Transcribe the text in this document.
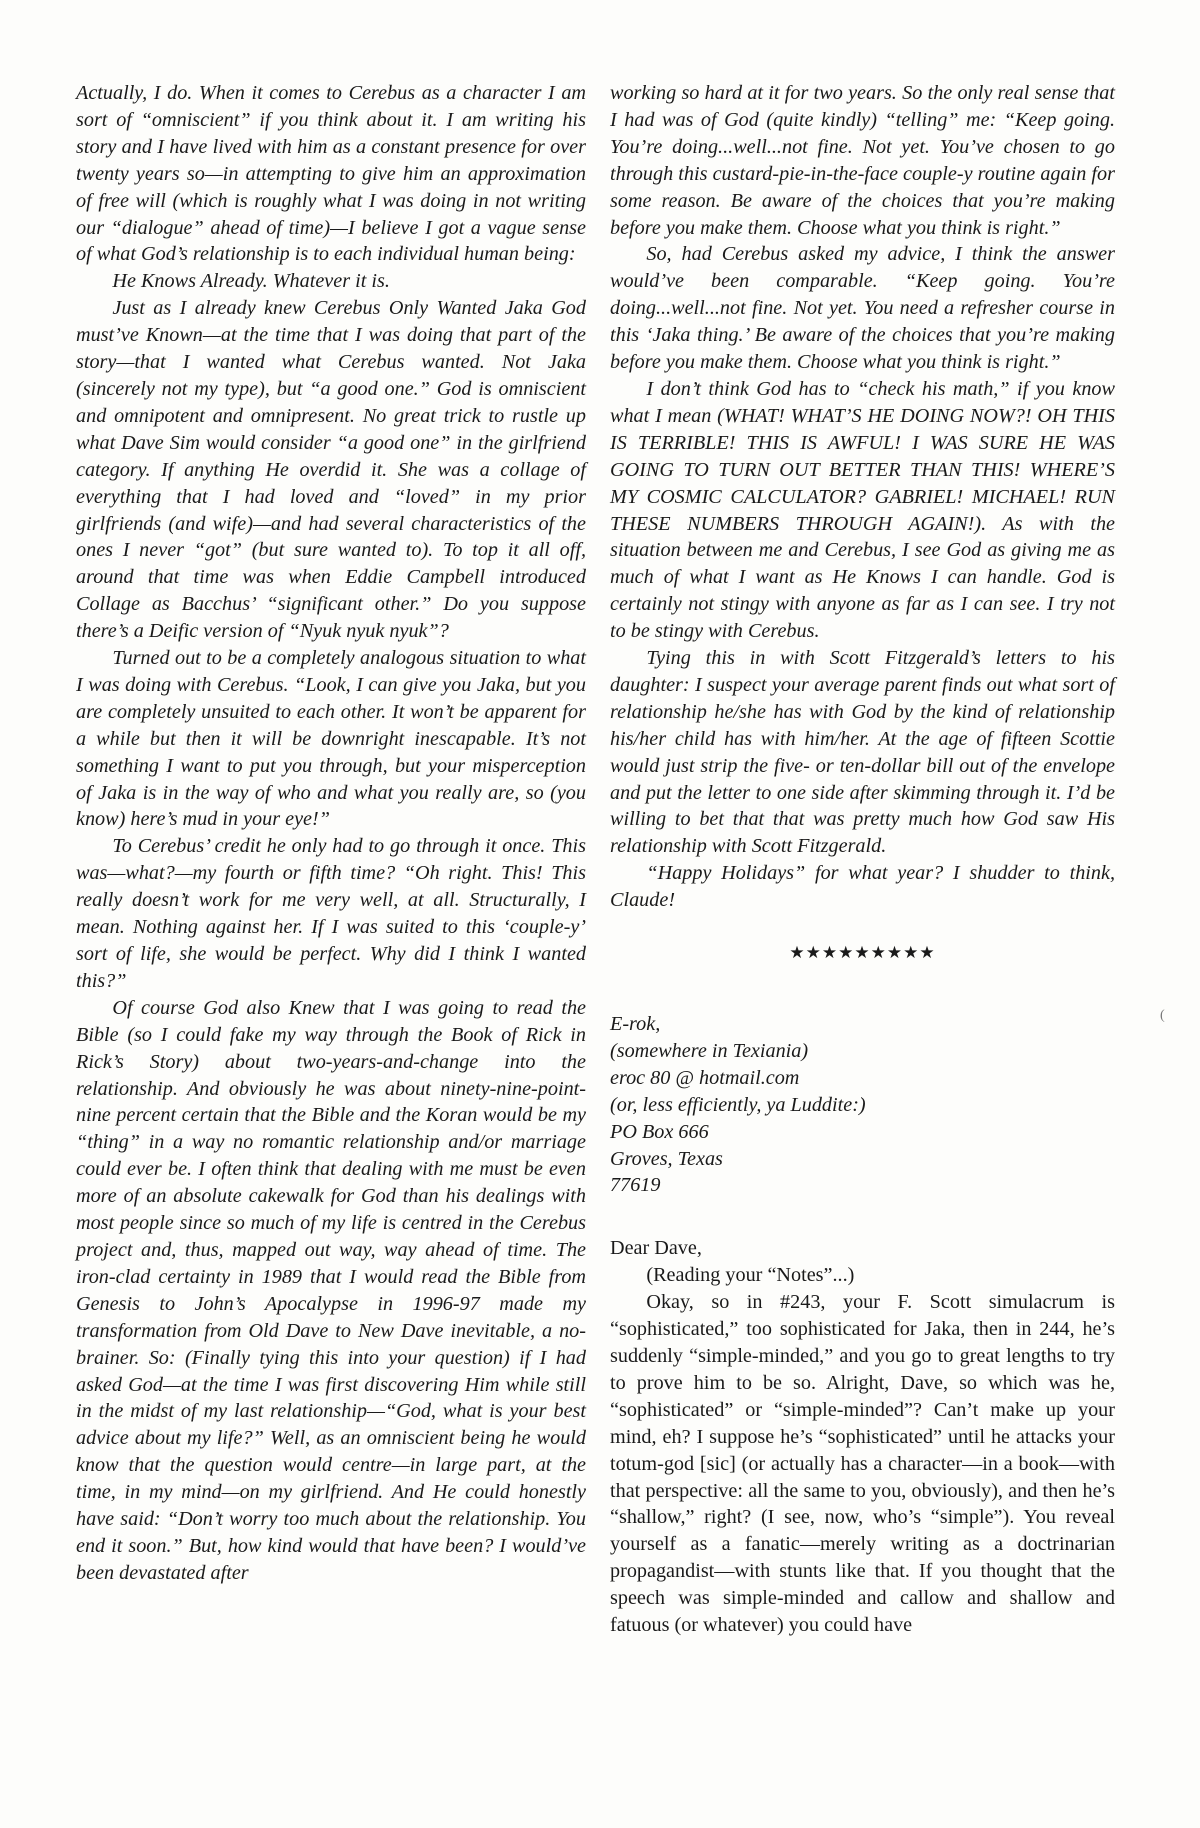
Actually, I do. When it comes to Cerebus as a character I am sort of “omniscient” if you think about it. I am writing his story and I have lived with him as a constant presence for over twenty years so—in attempting to give him an approximation of free will (which is roughly what I was doing in not writing our “dialogue” ahead of time)—I believe I got a vague sense of what God’s relationship is to each individual human being:

He Knows Already. Whatever it is.

Just as I already knew Cerebus Only Wanted Jaka God must’ve Known—at the time that I was doing that part of the story—that I wanted what Cerebus wanted. Not Jaka (sincerely not my type), but “a good one.” God is omniscient and omnipotent and omnipresent. No great trick to rustle up what Dave Sim would consider “a good one” in the girlfriend category. If anything He overdid it. She was a collage of everything that I had loved and “loved” in my prior girlfriends (and wife)—and had several characteristics of the ones I never “got” (but sure wanted to). To top it all off, around that time was when Eddie Campbell introduced Collage as Bacchus’ “significant other.” Do you suppose there’s a Deific version of “Nyuk nyuk nyuk”?

Turned out to be a completely analogous situation to what I was doing with Cerebus. “Look, I can give you Jaka, but you are completely unsuited to each other. It won’t be apparent for a while but then it will be downright inescapable. It’s not something I want to put you through, but your misperception of Jaka is in the way of who and what you really are, so (you know) here’s mud in your eye!”

To Cerebus’ credit he only had to go through it once. This was—what?—my fourth or fifth time? “Oh right. This! This really doesn’t work for me very well, at all. Structurally, I mean. Nothing against her. If I was suited to this ‘couple-y’ sort of life, she would be perfect. Why did I think I wanted this?”

Of course God also Knew that I was going to read the Bible (so I could fake my way through the Book of Rick in Rick’s Story) about two-years-and-change into the relationship. And obviously he was about ninety-nine-point-nine percent certain that the Bible and the Koran would be my “thing” in a way no romantic relationship and/or marriage could ever be. I often think that dealing with me must be even more of an absolute cakewalk for God than his dealings with most people since so much of my life is centred in the Cerebus project and, thus, mapped out way, way ahead of time. The iron-clad certainty in 1989 that I would read the Bible from Genesis to John’s Apocalypse in 1996-97 made my transformation from Old Dave to New Dave inevitable, a no-brainer. So: (Finally tying this into your question) if I had asked God—at the time I was first discovering Him while still in the midst of my last relationship—“God, what is your best advice about my life?” Well, as an omniscient being he would know that the question would centre—in large part, at the time, in my mind—on my girlfriend. And He could honestly have said: “Don’t worry too much about the relationship. You end it soon.” But, how kind would that have been? I would’ve been devastated after

working so hard at it for two years. So the only real sense that I had was of God (quite kindly) “telling” me: “Keep going. You’re doing...well...not fine. Not yet. You’ve chosen to go through this custard-pie-in-the-face couple-y routine again for some reason. Be aware of the choices that you’re making before you make them. Choose what you think is right.”

So, had Cerebus asked my advice, I think the answer would’ve been comparable. “Keep going. You’re doing...well...not fine. Not yet. You need a refresher course in this ‘Jaka thing.’ Be aware of the choices that you’re making before you make them. Choose what you think is right.”

I don’t think God has to “check his math,” if you know what I mean (WHAT! WHAT’S HE DOING NOW?! OH THIS IS TERRIBLE! THIS IS AWFUL! I WAS SURE HE WAS GOING TO TURN OUT BETTER THAN THIS! WHERE’S MY COSMIC CALCULATOR? GABRIEL! MICHAEL! RUN THESE NUMBERS THROUGH AGAIN!). As with the situation between me and Cerebus, I see God as giving me as much of what I want as He Knows I can handle. God is certainly not stingy with anyone as far as I can see. I try not to be stingy with Cerebus.

Tying this in with Scott Fitzgerald’s letters to his daughter: I suspect your average parent finds out what sort of relationship he/she has with God by the kind of relationship his/her child has with him/her. At the age of fifteen Scottie would just strip the five- or ten-dollar bill out of the envelope and put the letter to one side after skimming through it. I’d be willing to bet that that was pretty much how God saw His relationship with Scott Fitzgerald.

“Happy Holidays” for what year? I shudder to think, Claude!

★★★★★★★★★
E-rok,
(somewhere in Texiania)
eroc 80 @ hotmail.com
(or, less efficiently, ya Luddite:)
PO Box 666
Groves, Texas
77619

Dear Dave,

(Reading your “Notes”...)

Okay, so in #243, your F. Scott simulacrum is “sophisticated,” too sophisticated for Jaka, then in 244, he’s suddenly “simple-minded,” and you go to great lengths to try to prove him to be so. Alright, Dave, so which was he, “sophisticated” or “simple-minded”? Can’t make up your mind, eh? I suppose he’s “sophisticated” until he attacks your totum-god [sic] (or actually has a character—in a book—with that perspective: all the same to you, obviously), and then he’s “shallow,” right? (I see, now, who’s “simple”). You reveal yourself as a fanatic—merely writing as a doctrinarian propagandist—with stunts like that. If you thought that the speech was simple-minded and callow and shallow and fatuous (or whatever) you could have

(
